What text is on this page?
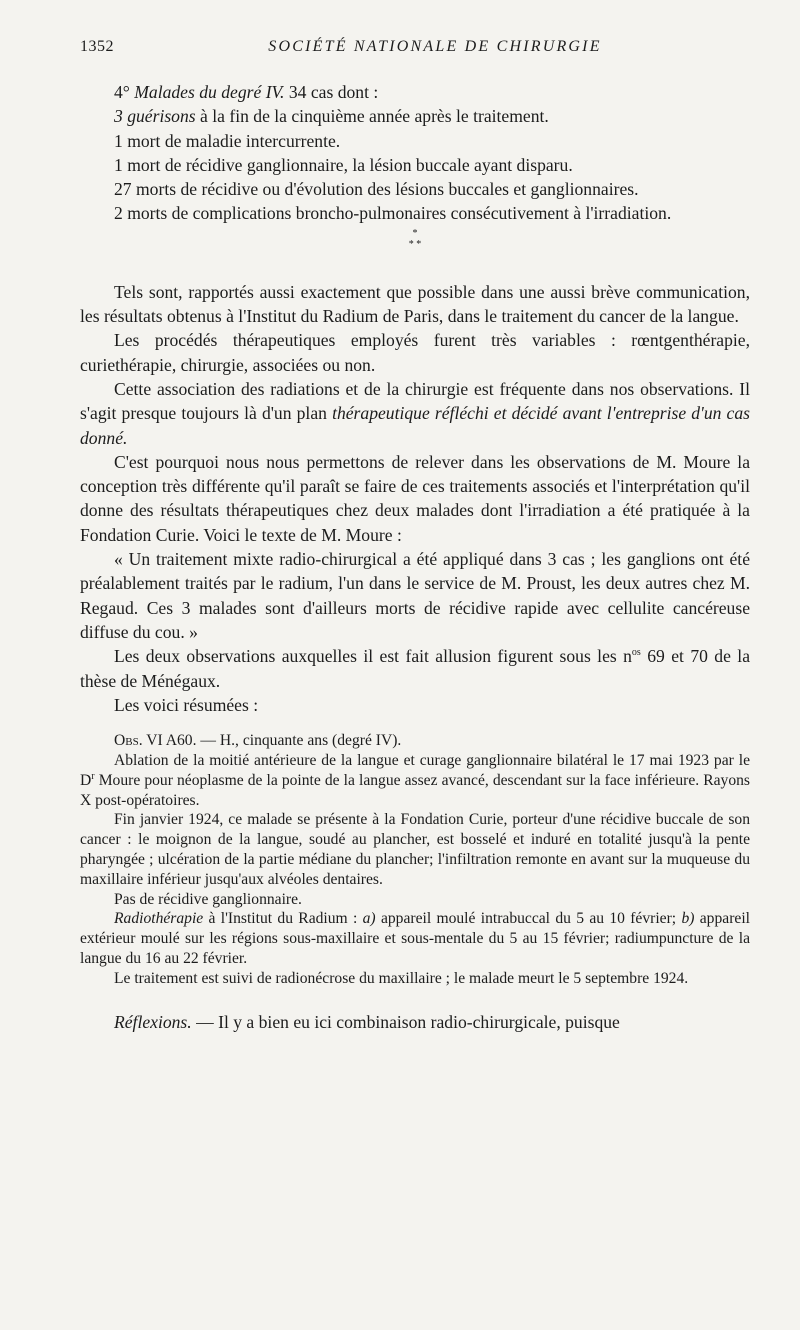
1352	SOCIÉTÉ NATIONALE DE CHIRURGIE

4° Malades du degré IV. 34 cas dont :

3 guérisons à la fin de la cinquième année après le traitement.

1 mort de maladie intercurrente.

1 mort de récidive ganglionnaire, la lésion buccale ayant disparu.

27 morts de récidive ou d'évolution des lésions buccales et ganglionnaires.

2 morts de complications broncho-pulmonaires consécutivement à l'irradiation.

*
* *

Tels sont, rapportés aussi exactement que possible dans une aussi brève communication, les résultats obtenus à l'Institut du Radium de Paris, dans le traitement du cancer de la langue.

Les procédés thérapeutiques employés furent très variables : rœntgenthérapie, curiethérapie, chirurgie, associées ou non.

Cette association des radiations et de la chirurgie est fréquente dans nos observations. Il s'agit presque toujours là d'un plan thérapeutique réfléchi et décidé avant l'entreprise d'un cas donné.

C'est pourquoi nous nous permettons de relever dans les observations de M. Moure la conception très différente qu'il paraît se faire de ces traitements associés et l'interprétation qu'il donne des résultats thérapeutiques chez deux malades dont l'irradiation a été pratiquée à la Fondation Curie. Voici le texte de M. Moure :

« Un traitement mixte radio-chirurgical a été appliqué dans 3 cas ; les ganglions ont été préalablement traités par le radium, l'un dans le service de M. Proust, les deux autres chez M. Regaud. Ces 3 malades sont d'ailleurs morts de récidive rapide avec cellulite cancéreuse diffuse du cou. »

Les deux observations auxquelles il est fait allusion figurent sous les $n^{os}$ 69 et 70 de la thèse de Ménégaux.

Les voici résumées :

Obs. VI A60. — H., cinquante ans (degré IV).

Ablation de la moitié antérieure de la langue et curage ganglionnaire bilatéral le 17 mai 1923 par le $D^r$ Moure pour néoplasme de la pointe de la langue assez avancé, descendant sur la face inférieure. Rayons X post-opératoires.

Fin janvier 1924, ce malade se présente à la Fondation Curie, porteur d'une récidive buccale de son cancer : le moignon de la langue, soudé au plancher, est bosselé et induré en totalité jusqu'à la pente pharyngée ; ulcération de la partie médiane du plancher; l'infiltration remonte en avant sur la muqueuse du maxillaire inférieur jusqu'aux alvéoles dentaires.

Pas de récidive ganglionnaire.

Radiothérapie à l'Institut du Radium : a) appareil moulé intrabuccal du 5 au 10 février; b) appareil extérieur moulé sur les régions sous-maxillaire et sous-mentale du 5 au 15 février; radiumpuncture de la langue du 16 au 22 février.

Le traitement est suivi de radionécrose du maxillaire ; le malade meurt le 5 septembre 1924.

Réflexions. — Il y a bien eu ici combinaison radio-chirurgicale, puisque
